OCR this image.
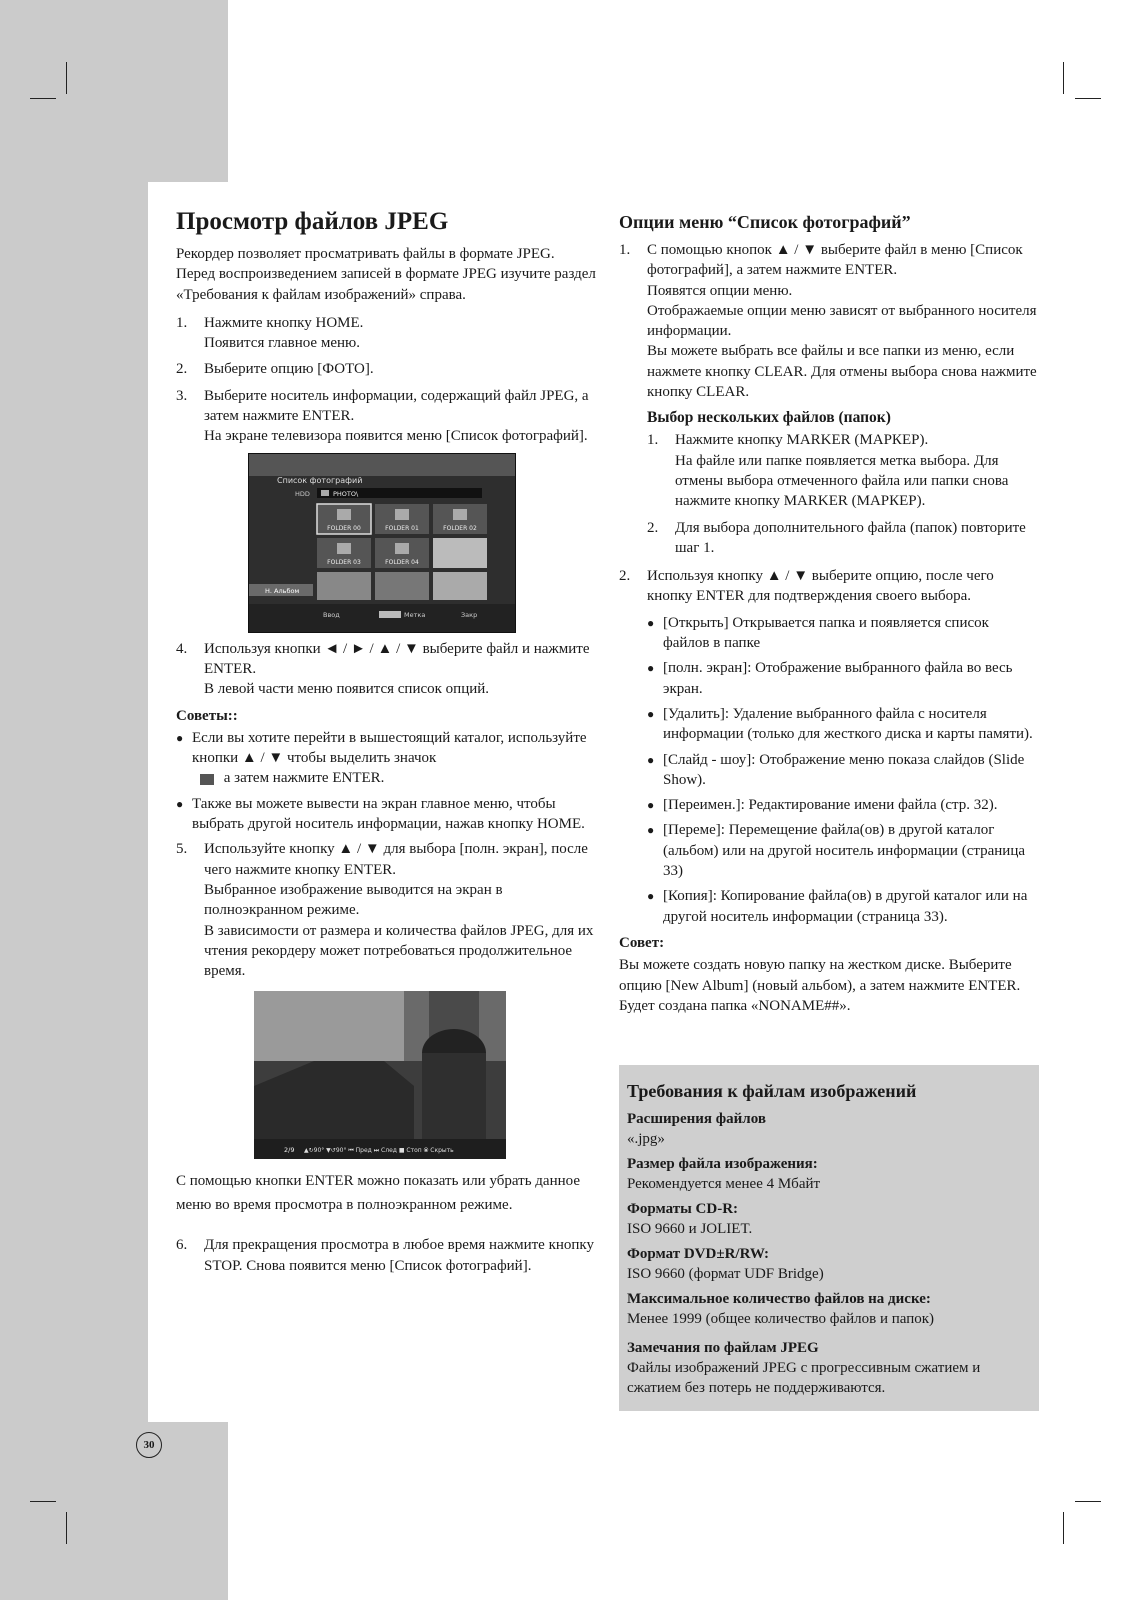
Просмотр файлов JPEG

Рекордер позволяет просматривать файлы в формате JPEG. Перед воспроизведением записей в формате JPEG изучите раздел «Требования к файлам изображений» справа.

1.	Нажмите кнопку HOME.
Появится главное меню.
2.	Выберите опцию [ФОТО].
3.	Выберите носитель информации, содержащий файл JPEG, а затем нажмите ENTER.
На экране телевизора появится меню [Список фотографий].
Список фотографий
HDD	PHOTO\
Н. Альбом
FOLDER 00	FOLDER 01	FOLDER 02
FOLDER 03	FOLDER 04
Ввод	Метка	Закр
4.	Используя кнопки ◄ / ► / ▲ / ▼ выберите файл и нажмите ENTER.
В левой части меню появится список опций.
Советы::
● Если вы хотите перейти в вышестоящий каталог, используйте кнопки ▲ / ▼ чтобы выделить значок
а затем нажмите ENTER.
● Также вы можете вывести на экран главное меню, чтобы выбрать другой носитель информации, нажав кнопку HOME.
5.	Используйте кнопку ▲ / ▼ для выбора [полн. экран], после чего нажмите кнопку ENTER.
Выбранное изображение выводится на экран в полноэкранном режиме.
В зависимости от размера и количества файлов JPEG, для их чтения рекордеру может потребоваться продолжительное время.
2/9 ▲↻90° ▼↺90° ⏮ Пред ⏭ След ■ Стоп ⦿ Скрыть

С помощью кнопки ENTER можно показать или убрать данное меню во время просмотра в полноэкранном режиме.

6.	Для прекращения просмотра в любое время нажмите кнопку STOP. Снова появится меню [Список фотографий].
Опции меню “Список фотографий”
1.	С помощью кнопок ▲ / ▼ выберите файл в меню [Список фотографий], а затем нажмите ENTER.
Появятся опции меню.
Отображаемые опции меню зависят от выбранного носителя информации.
Вы можете выбрать все файлы и все папки из меню, если нажмете кнопку CLEAR. Для отмены выбора снова нажмите кнопку CLEAR.
Выбор нескольких файлов (папок)
1.	Нажмите кнопку MARKER (МАРКЕР).
На файле или папке появляется метка выбора. Для отмены выбора отмеченного файла или папки снова нажмите кнопку MARKER (МАРКЕР).
2.	Для выбора дополнительного файла (папок) повторите шаг 1.
2.	Используя кнопку ▲ / ▼ выберите опцию, после чего кнопку ENTER для подтверждения своего выбора.
● [Открыть] Открывается папка и появляется список файлов в папке
● [полн. экран]: Отображение выбранного файла во весь экран.
● [Удалить]: Удаление выбранного файла с носителя информации (только для жесткого диска и карты памяти).
● [Слайд - шоу]: Отображение меню показа слайдов (Slide Show).
● [Переимен.]: Редактирование имени файла (стр. 32).
● [Переме]: Перемещение файла(ов) в другой каталог (альбом) или на другой носитель информации (страница 33)
● [Копия]: Копирование файла(ов) в другой каталог или на другой носитель информации (страница 33).
Совет:

Вы можете создать новую папку на жестком диске. Выберите опцию [New Album] (новый альбом), а затем нажмите ENTER. Будет создана папка «NONAME##».

Требования к файлам изображений
Расширения файлов
«.jpg»
Размер файла изображения:
Рекомендуется менее 4 Мбайт
Форматы CD-R:
ISO 9660 и JOLIET.
Формат DVD±R/RW:
ISO 9660 (формат UDF Bridge)
Максимальное количество файлов на диске:
Менее 1999 (общее количество файлов и папок)
Замечания по файлам JPEG
Файлы изображений JPEG с прогрессивным сжатием и сжатием без потерь не поддерживаются.
30
